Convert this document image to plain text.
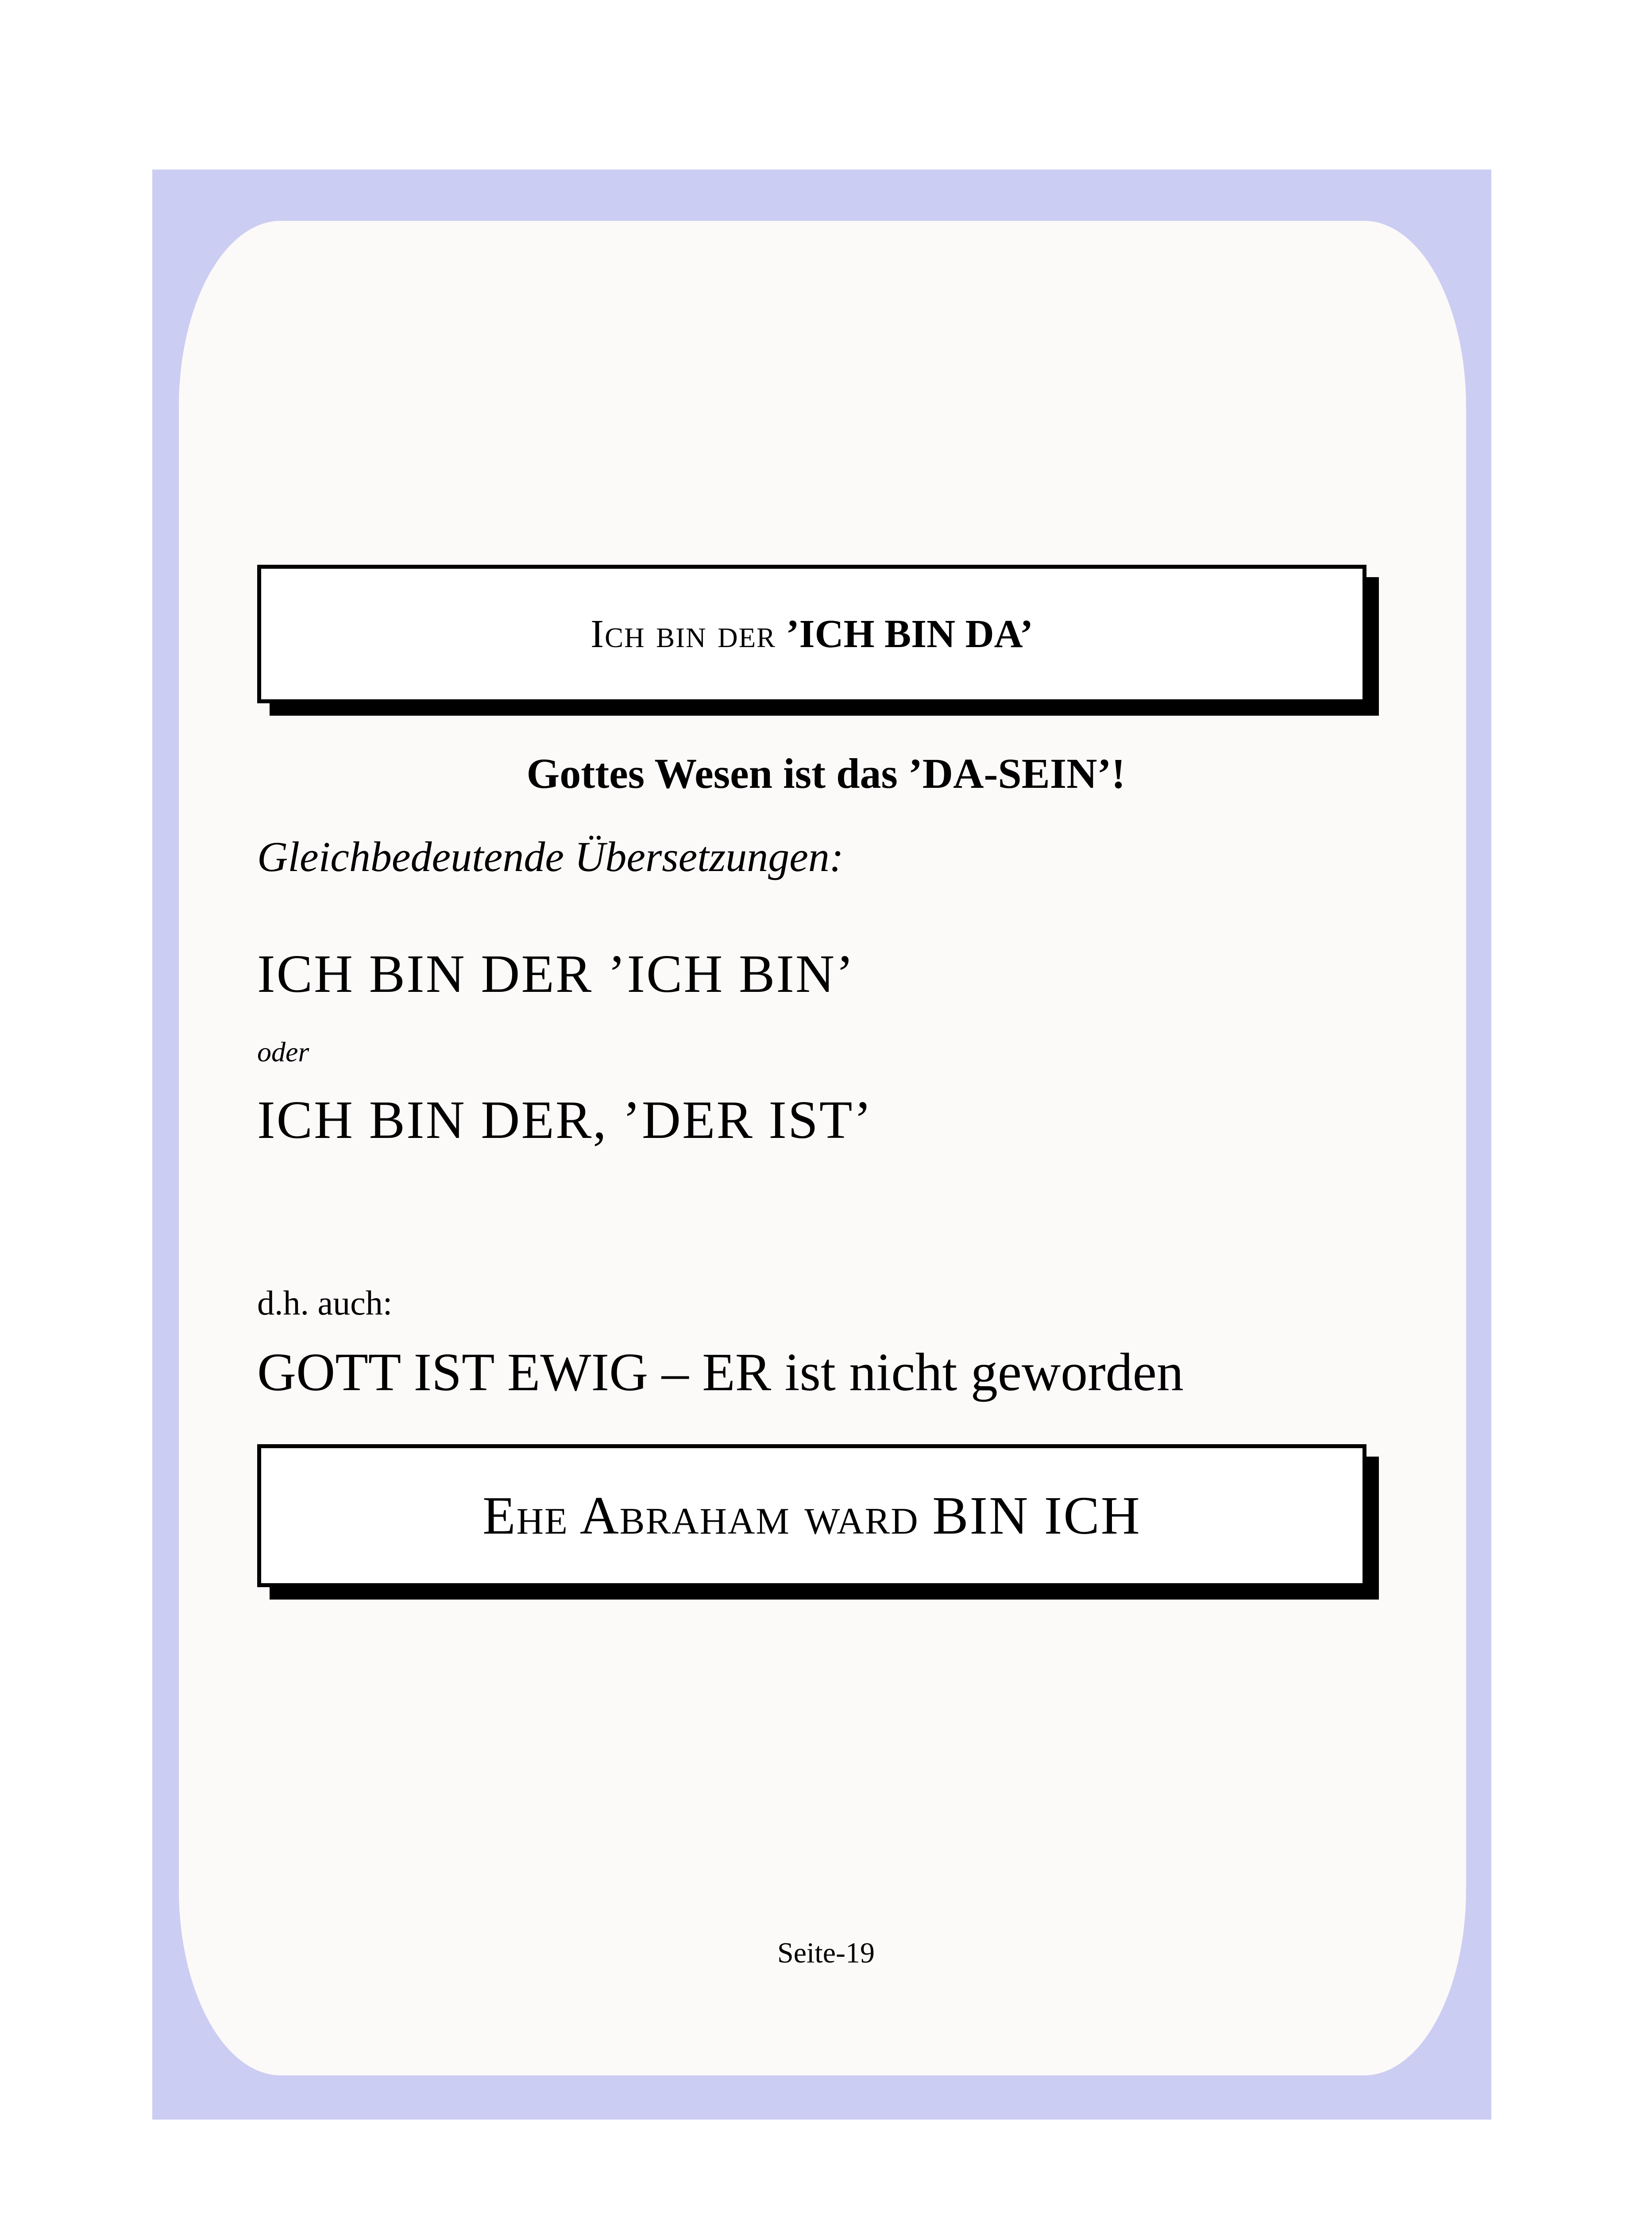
Ich bin der
’ICH BIN DA’
Gottes Wesen ist das ’DA-SEIN’!
Gleichbedeutende Übersetzungen:
ICH BIN DER ’ICH BIN’
oder
ICH BIN DER, ’DER IST’
d.h. auch:
GOTT IST EWIG – ER ist nicht geworden
Ehe Abraham ward
BIN ICH
Seite-19
